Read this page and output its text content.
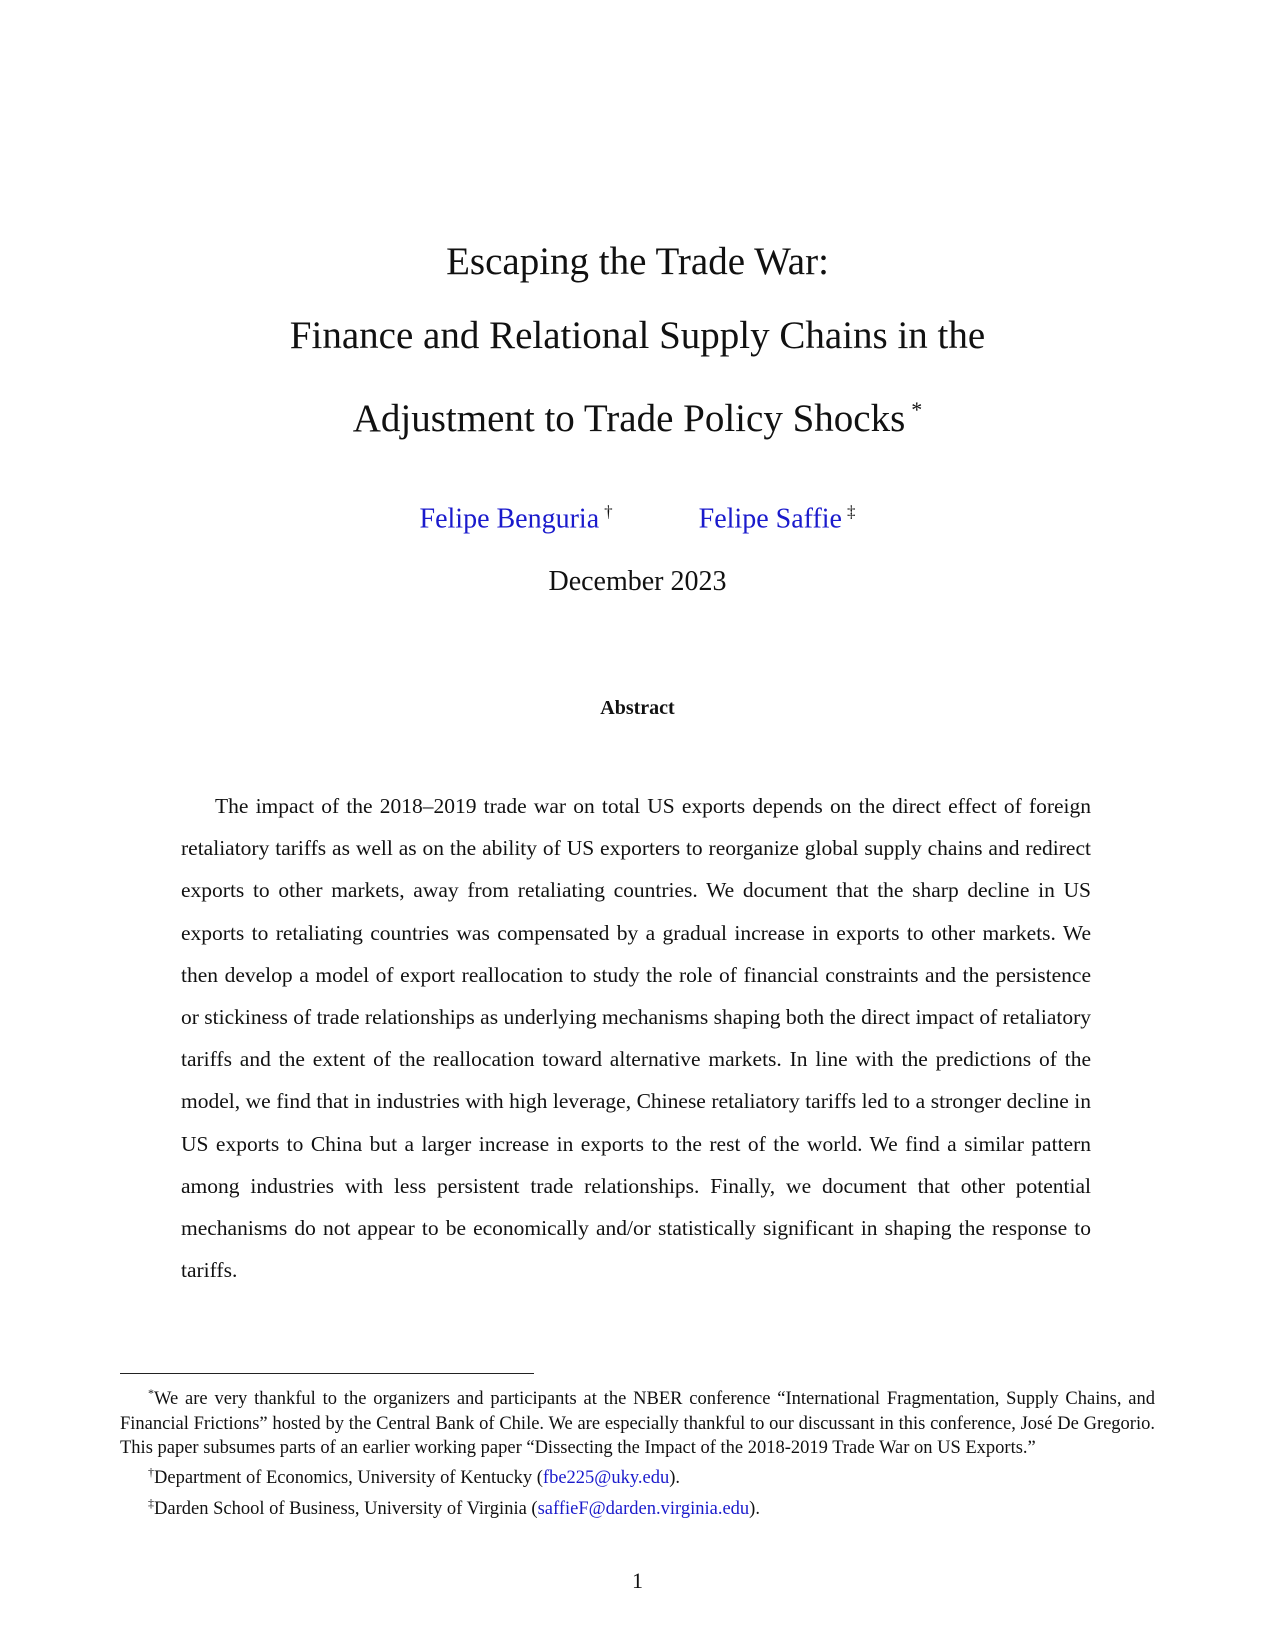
Escaping the Trade War:

Finance and Relational Supply Chains in the

Adjustment to Trade Policy Shocks *

Felipe Benguria †	Felipe Saffie ‡
December 2023
Abstract

The impact of the 2018–2019 trade war on total US exports depends on the direct effect of foreign retaliatory tariffs as well as on the ability of US exporters to reorganize global supply chains and redirect exports to other markets, away from retaliating countries. We document that the sharp decline in US exports to retaliating countries was compensated by a gradual increase in exports to other markets. We then develop a model of export reallocation to study the role of financial constraints and the persistence or stickiness of trade relationships as underlying mechanisms shaping both the direct impact of retaliatory tariffs and the extent of the reallocation toward alternative markets. In line with the predictions of the model, we find that in industries with high leverage, Chinese retaliatory tariffs led to a stronger decline in US exports to China but a larger increase in exports to the rest of the world. We find a similar pattern among industries with less persistent trade relationships. Finally, we document that other potential mechanisms do not appear to be economically and/or statistically significant in shaping the response to tariffs.

*We are very thankful to the organizers and participants at the NBER conference “International Fragmentation, Supply Chains, and Financial Frictions” hosted by the Central Bank of Chile. We are especially thankful to our discussant in this conference, José De Gregorio. This paper subsumes parts of an earlier working paper “Dissecting the Impact of the 2018-2019 Trade War on US Exports.”

†Department of Economics, University of Kentucky (fbe225@uky.edu).

‡Darden School of Business, University of Virginia (saffieF@darden.virginia.edu).

1
